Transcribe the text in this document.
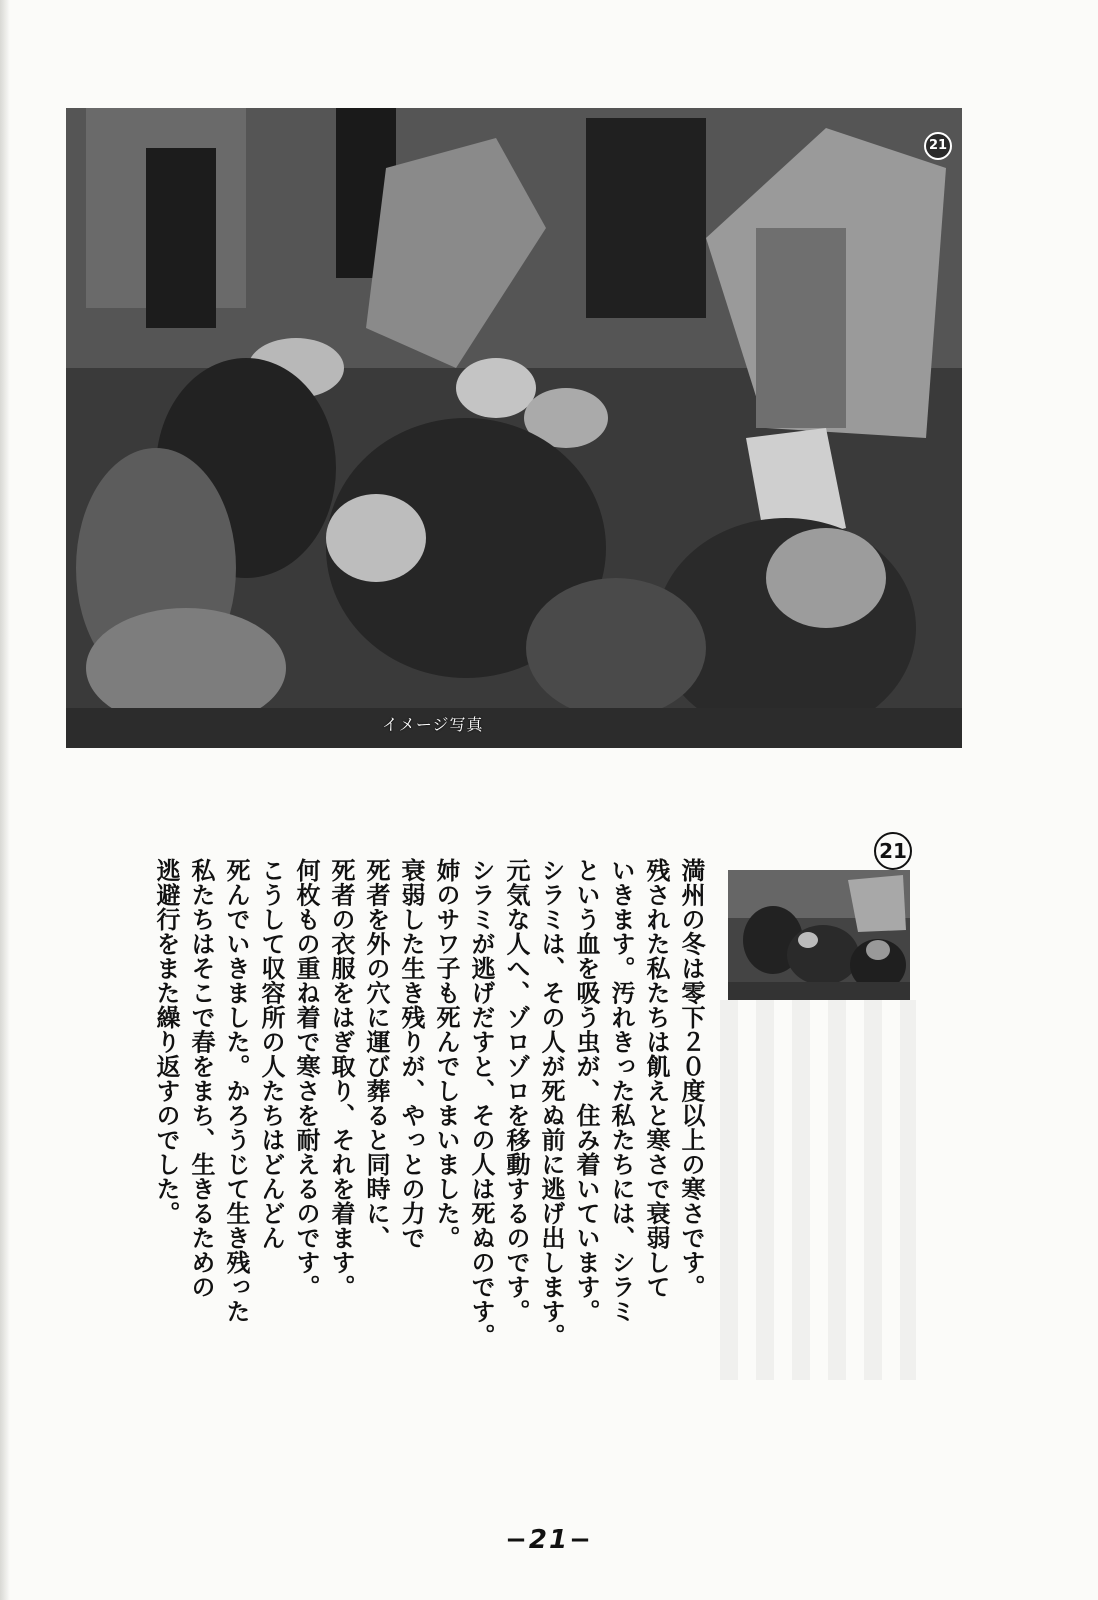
21
イメージ写真
21
満州の冬は零下２０度以上の寒さです。
残された私たちは飢えと寒さで衰弱して
いきます。汚れきった私たちには、シラミ
という血を吸う虫が、住み着いています。
シラミは、その人が死ぬ前に逃げ出します。
元気な人へ、ゾロゾロを移動するのです。
シラミが逃げだすと、その人は死ぬのです。
姉のサワ子も死んでしまいました。
衰弱した生き残りが、やっとの力で
死者を外の穴に運び葬ると同時に、
死者の衣服をはぎ取り、それを着ます。
何枚もの重ね着で寒さを耐えるのです。
こうして収容所の人たちはどんどん
死んでいきました。かろうじて生き残った
私たちはそこで春をまち、生きるための
逃避行をまた繰り返すのでした。
−21−
